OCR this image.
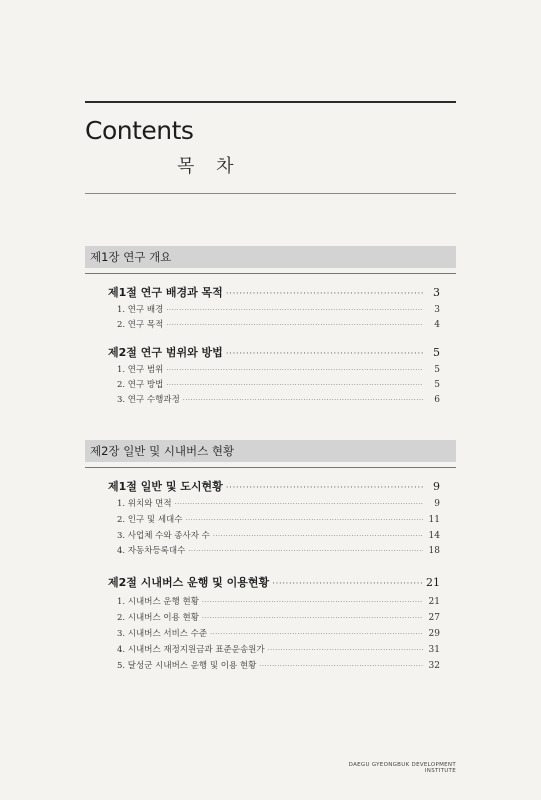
Contents
목 차
제1장 연구 개요
제1절 연구 배경과 목적 ·····	3
1. 연구 배경 ·····	3
2. 연구 목적 ·····	4
제2절 연구 범위와 방법 ·····	5
1. 연구 범위 ·····	5
2. 연구 방법 ·····	5
3. 연구 수행과정 ·····	6
제2장 일반 및 시내버스 현황
제1절 일반 및 도시현황 ·····	9
1. 위치와 면적 ·····	9
2. 인구 및 세대수 ·····	11
3. 사업체 수와 종사자 수 ·····	14
4. 자동차등록대수 ·····	18
제2절 시내버스 운행 및 이용현황 ·····	21
1. 시내버스 운행 현황 ·····	21
2. 시내버스 이용 현황 ·····	27
3. 시내버스 서비스 수준 ·····	29
4. 시내버스 재정지원금과 표준운송원가 ·····	31
5. 달성군 시내버스 운행 및 이용 현황 ·····	32
DAEGU GYEONGBUK DEVELOPMENT INSTITUTE
